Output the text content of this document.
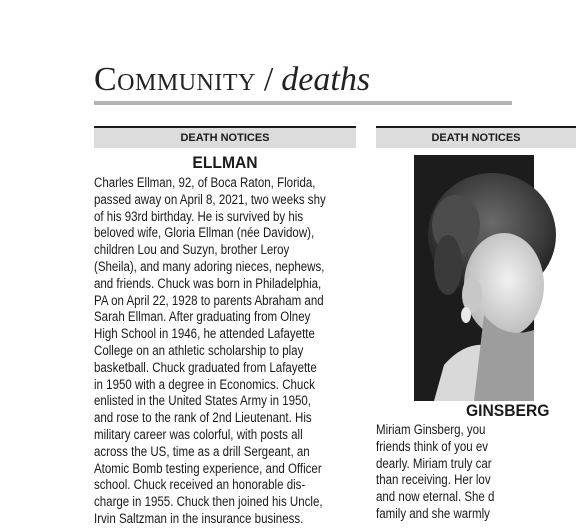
Community / deaths
DEATH NOTICES	DEATH NOTICES
ELLMAN
Charles Ellman, 92, of Boca Raton, Florida,
passed away on April 8, 2021, two weeks shy
of his 93rd birthday. He is survived by his
beloved wife, Gloria Ellman (née Davidow),
children Lou and Suzyn, brother Leroy
(Sheila), and many adoring nieces, nephews,
and friends. Chuck was born in Philadelphia,
PA on April 22, 1928 to parents Abraham and
Sarah Ellman. After graduating from Olney
High School in 1946, he attended Lafayette
College on an athletic scholarship to play
basketball. Chuck graduated from Lafayette
in 1950 with a degree in Economics. Chuck
enlisted in the United States Army in 1950,
and rose to the rank of 2nd Lieutenant. His
military career was colorful, with posts all
across the US, time as a drill Sergeant, an
Atomic Bomb testing experience, and Officer
school. Chuck received an honorable dis-
charge in 1955. Chuck then joined his Uncle,
Irvin Saltzman in the insurance business.
GINSBERG
Miriam Ginsberg, you
friends think of you ev
dearly. Miriam truly car
than receiving. Her lov
and now eternal. She d
family and she warmly
